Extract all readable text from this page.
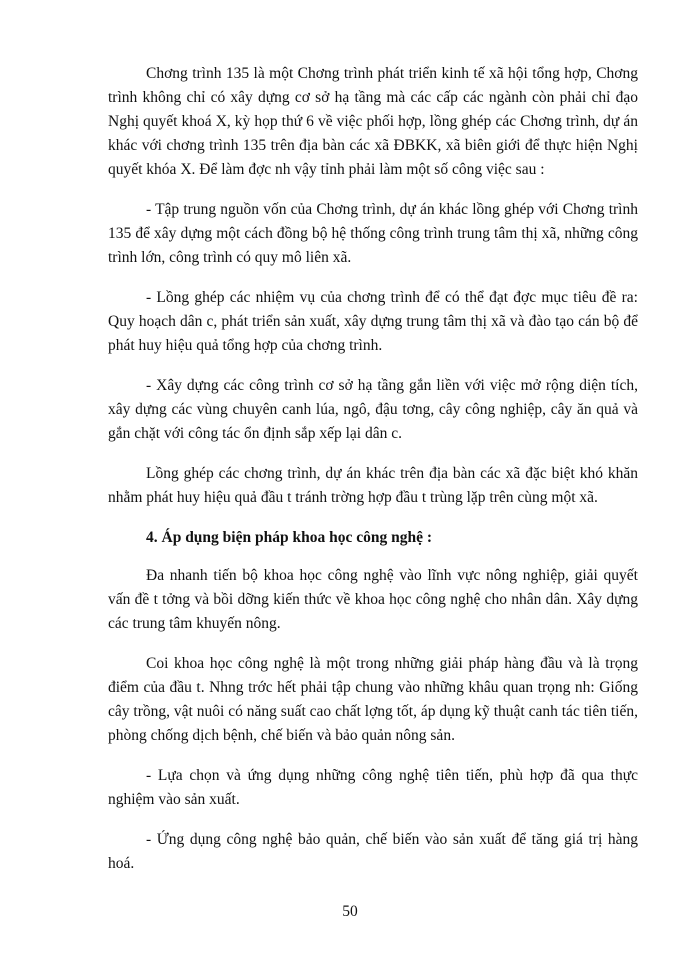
Chơng trình 135 là một Chơng trình phát triển kinh tế xã hội tổng hợp, Chơng trình không chỉ có xây dựng cơ sở hạ tầng mà các cấp các ngành còn phải chỉ đạo Nghị quyết khoá X, kỳ họp thứ 6 về việc phối hợp, lồng ghép các Chơng trình, dự án khác với chơng trình 135 trên địa bàn các xã ĐBKK, xã biên giới để thực hiện Nghị quyết khóa X. Để làm đợc nh vậy tỉnh phải làm một số công việc sau :

- Tập trung nguồn vốn của Chơng trình, dự án khác lồng ghép với Chơng trình 135 để xây dựng một cách đồng bộ hệ thống công trình trung tâm thị xã, những công trình lớn, công trình có quy mô liên xã.

- Lồng ghép các nhiệm vụ của chơng trình để có thể đạt đợc mục tiêu đề ra: Quy hoạch dân c, phát triển sản xuất, xây dựng trung tâm thị xã và đào tạo cán bộ để phát huy hiệu quả tổng hợp của chơng trình.

- Xây dựng các công trình cơ sở hạ tầng gắn liền với việc mở rộng diện tích, xây dựng các vùng chuyên canh lúa, ngô, đậu tơng, cây công nghiệp, cây ăn quả và gắn chặt với công tác ổn định sắp xếp lại dân c.

Lồng ghép các chơng trình, dự án khác trên địa bàn các xã đặc biệt khó khăn nhằm phát huy hiệu quả đầu t tránh trờng hợp đầu t trùng lặp trên cùng một xã.

4. Áp dụng biện pháp khoa học công nghệ :

Đa nhanh tiến bộ khoa học công nghệ vào lĩnh vực nông nghiệp, giải quyết vấn đề t tởng và bồi dỡng kiến thức về khoa học công nghệ cho nhân dân. Xây dựng các trung tâm khuyến nông.

Coi khoa học công nghệ là một trong những giải pháp hàng đầu và là trọng điểm của đầu t. Nhng trớc hết phải tập chung vào những khâu quan trọng nh: Giống cây trồng, vật nuôi có năng suất cao chất lợng tốt, áp dụng kỹ thuật canh tác tiên tiến, phòng chống dịch bệnh, chế biến và bảo quản nông sản.

- Lựa chọn và ứng dụng những công nghệ tiên tiến, phù hợp đã qua thực nghiệm vào sản xuất.

- Ứng dụng công nghệ bảo quản, chế biến vào sản xuất để tăng giá trị hàng hoá.

50
